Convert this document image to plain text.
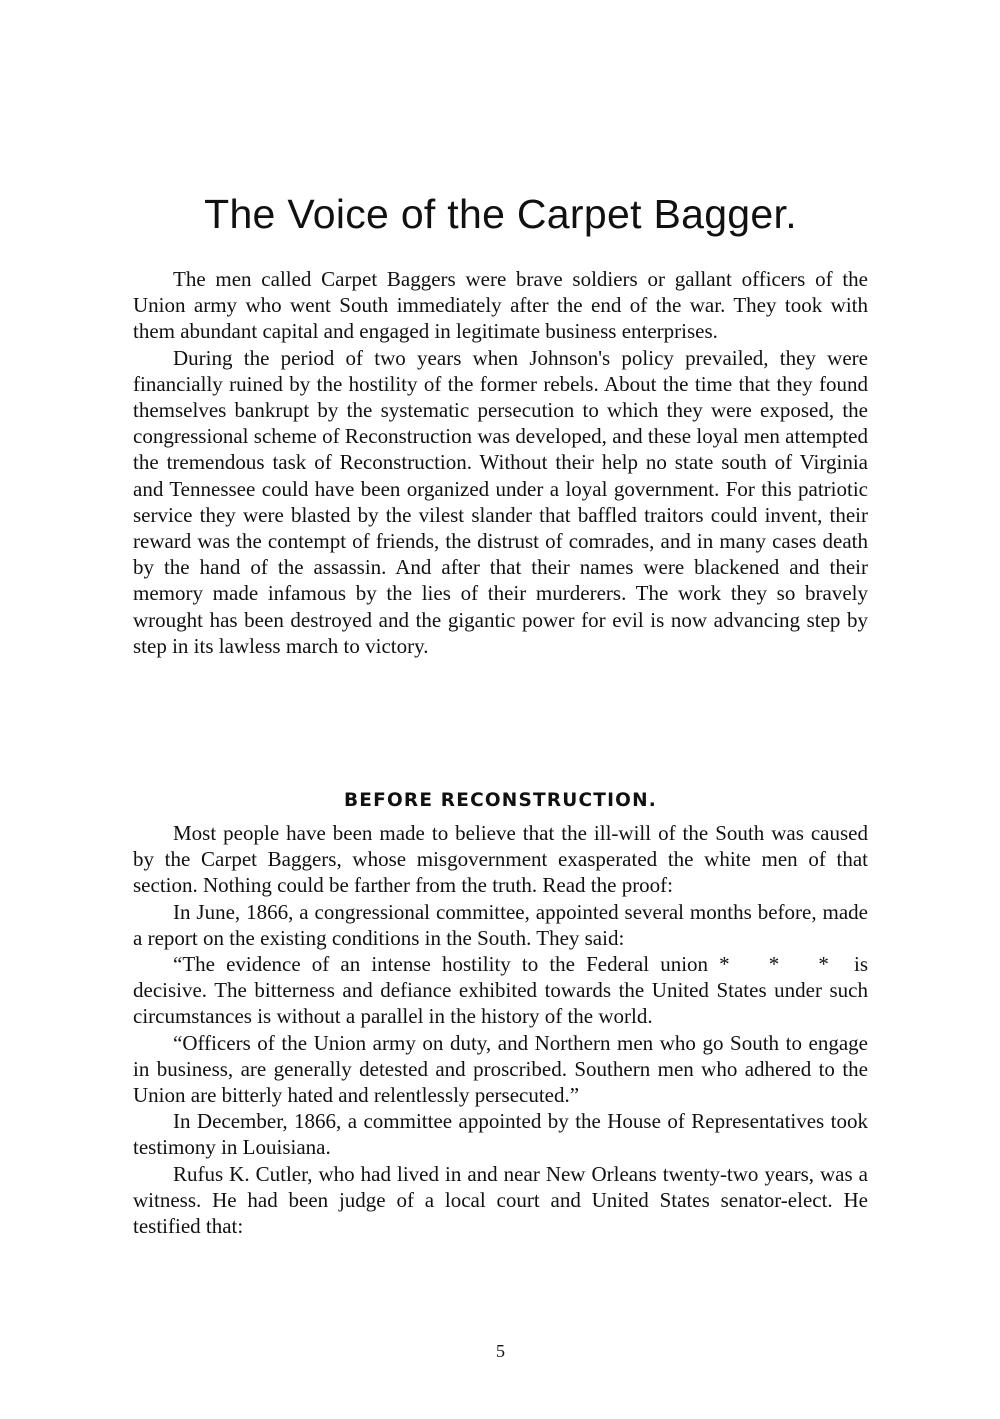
The Voice of the Carpet Bagger.

The men called Carpet Baggers were brave soldiers or gallant officers of the Union army who went South immediately after the end of the war. They took with them abundant capital and engaged in legitimate business enterprises.

During the period of two years when Johnson's policy prevailed, they were financially ruined by the hostility of the former rebels. About the time that they found themselves bankrupt by the systematic persecution to which they were exposed, the congressional scheme of Reconstruction was developed, and these loyal men attempted the tremendous task of Reconstruction. Without their help no state south of Virginia and Tennessee could have been organized under a loyal government. For this patriotic service they were blasted by the vilest slander that baffled traitors could invent, their reward was the contempt of friends, the distrust of comrades, and in many cases death by the hand of the assassin. And after that their names were blackened and their memory made infamous by the lies of their murderers. The work they so bravely wrought has been destroyed and the gigantic power for evil is now advancing step by step in its lawless march to victory.

BEFORE RECONSTRUCTION.

Most people have been made to believe that the ill-will of the South was caused by the Carpet Baggers, whose misgovernment exasperated the white men of that section. Nothing could be farther from the truth. Read the proof:

In June, 1866, a congressional committee, appointed several months before, made a report on the existing conditions in the South. They said:

“The evidence of an intense hostility to the Federal union * * * is decisive. The bitterness and defiance exhibited towards the United States under such circumstances is without a parallel in the history of the world.

“Officers of the Union army on duty, and Northern men who go South to engage in business, are generally detested and proscribed. Southern men who adhered to the Union are bitterly hated and relentlessly persecuted.”

In December, 1866, a committee appointed by the House of Representatives took testimony in Louisiana.

Rufus K. Cutler, who had lived in and near New Orleans twenty-two years, was a witness. He had been judge of a local court and United States senator-elect. He testified that:

5
